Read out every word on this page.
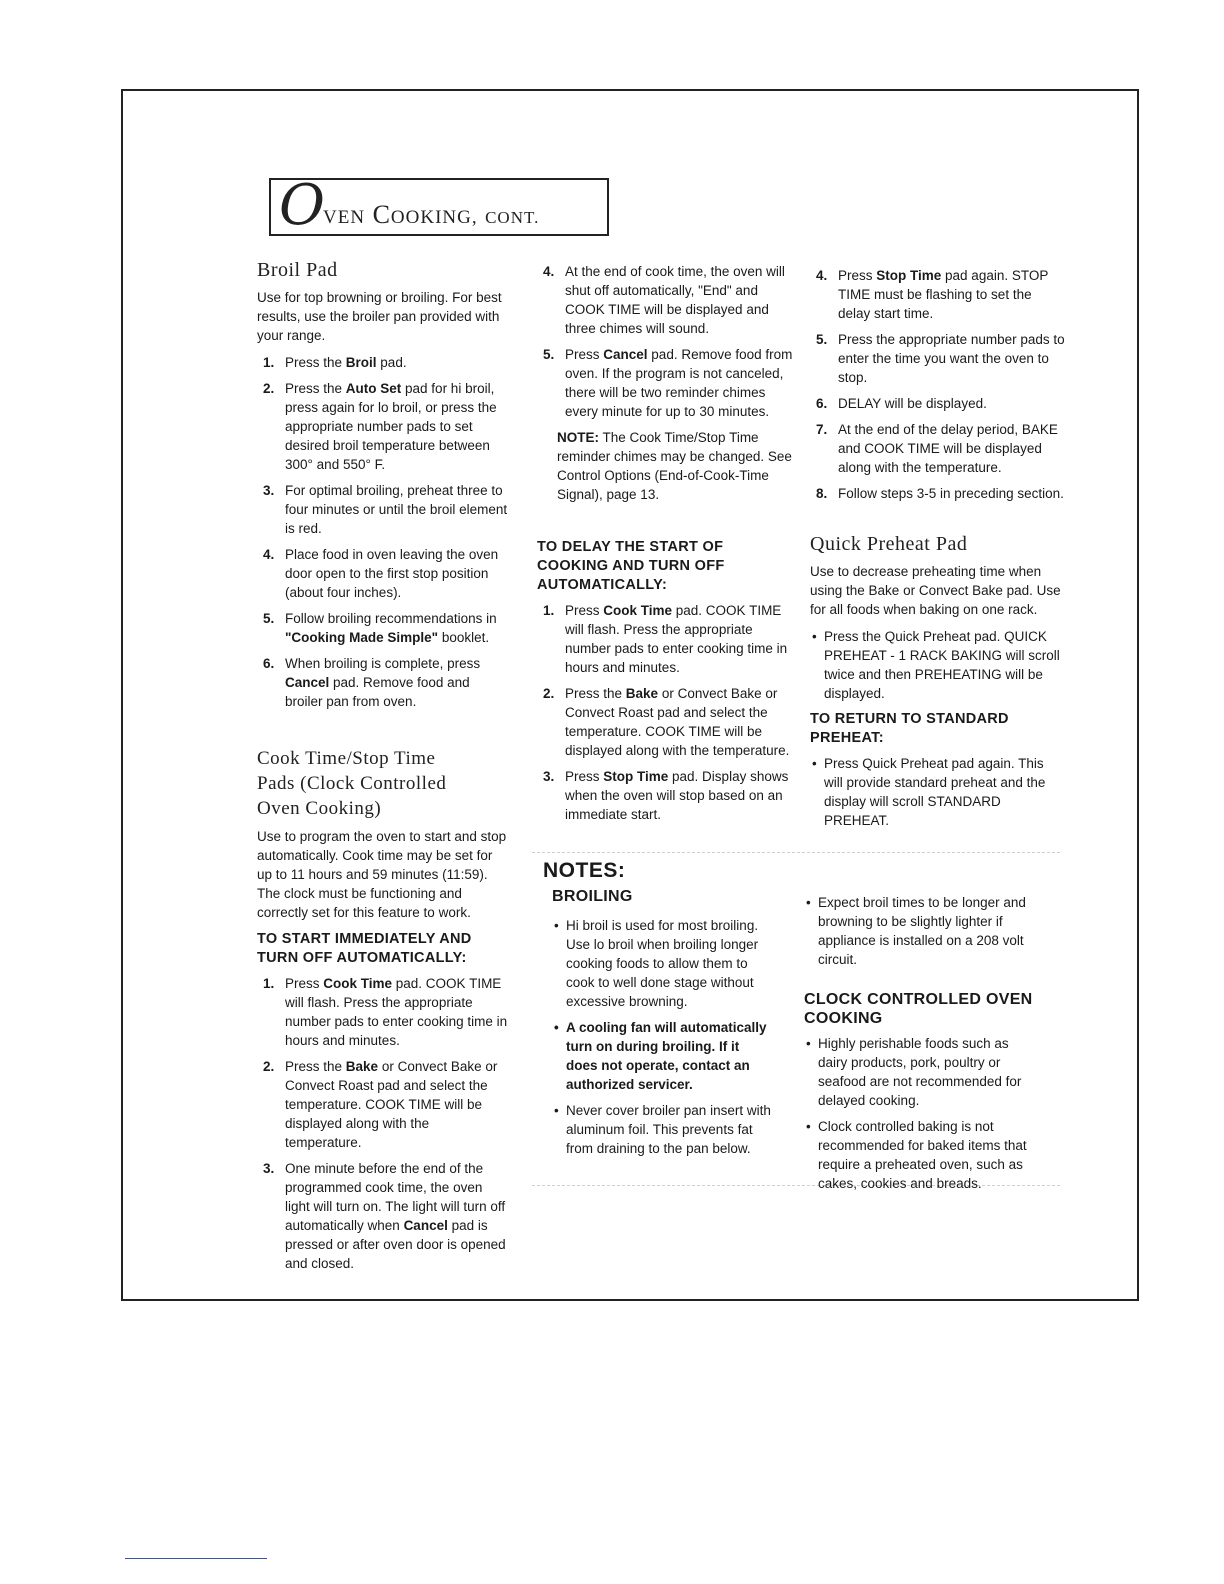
O
VEN COOKING, CONT.
Broil Pad
Use for top browning or broiling. For best results, use the broiler pan provided with your range.
1. Press the Broil pad.
2. Press the Auto Set pad for hi broil, press again for lo broil, or press the appropriate number pads to set desired broil temperature between 300° and 550° F.
3. For optimal broiling, preheat three to four minutes or until the broil element is red.
4. Place food in oven leaving the oven door open to the first stop position (about four inches).
5. Follow broiling recommendations in "Cooking Made Simple" booklet.
6. When broiling is complete, press Cancel pad. Remove food and broiler pan from oven.
Cook Time/Stop Time
Pads (Clock Controlled
Oven Cooking)
Use to program the oven to start and stop automatically. Cook time may be set for up to 11 hours and 59 minutes (11:59). The clock must be functioning and correctly set for this feature to work.
TO START IMMEDIATELY AND TURN OFF AUTOMATICALLY:
1. Press Cook Time pad. COOK TIME will flash. Press the appropriate number pads to enter cooking time in hours and minutes.
2. Press the Bake or Convect Bake or Convect Roast pad and select the temperature. COOK TIME will be displayed along with the temperature.
3. One minute before the end of the programmed cook time, the oven light will turn on. The light will turn off automatically when Cancel pad is pressed or after oven door is opened and closed.
4. At the end of cook time, the oven will shut off automatically, "End" and COOK TIME will be displayed and three chimes will sound.
5. Press Cancel pad. Remove food from oven. If the program is not canceled, there will be two reminder chimes every minute for up to 30 minutes.
NOTE: The Cook Time/Stop Time reminder chimes may be changed. See Control Options (End-of-Cook-Time Signal), page 13.
TO DELAY THE START OF COOKING AND TURN OFF AUTOMATICALLY:
1. Press Cook Time pad. COOK TIME will flash. Press the appropriate number pads to enter cooking time in hours and minutes.
2. Press the Bake or Convect Bake or Convect Roast pad and select the temperature. COOK TIME will be displayed along with the temperature.
3. Press Stop Time pad. Display shows when the oven will stop based on an immediate start.
4. Press Stop Time pad again. STOP TIME must be flashing to set the delay start time.
5. Press the appropriate number pads to enter the time you want the oven to stop.
6. DELAY will be displayed.
7. At the end of the delay period, BAKE and COOK TIME will be displayed along with the temperature.
8. Follow steps 3-5 in preceding section.
Quick Preheat Pad
Use to decrease preheating time when using the Bake or Convect Bake pad. Use for all foods when baking on one rack.
• Press the Quick Preheat pad. QUICK PREHEAT - 1 RACK BAKING will scroll twice and then PREHEATING will be displayed.
TO RETURN TO STANDARD PREHEAT:
• Press Quick Preheat pad again. This will provide standard preheat and the display will scroll STANDARD PREHEAT.
NOTES:
BROILING
• Hi broil is used for most broiling. Use lo broil when broiling longer cooking foods to allow them to cook to well done stage without excessive browning.
• A cooling fan will automatically turn on during broiling. If it does not operate, contact an authorized servicer.
• Never cover broiler pan insert with aluminum foil. This prevents fat from draining to the pan below.
• Expect broil times to be longer and browning to be slightly lighter if appliance is installed on a 208 volt circuit.
CLOCK CONTROLLED OVEN COOKING
• Highly perishable foods such as dairy products, pork, poultry or seafood are not recommended for delayed cooking.
• Clock controlled baking is not recommended for baked items that require a preheated oven, such as cakes, cookies and breads.
